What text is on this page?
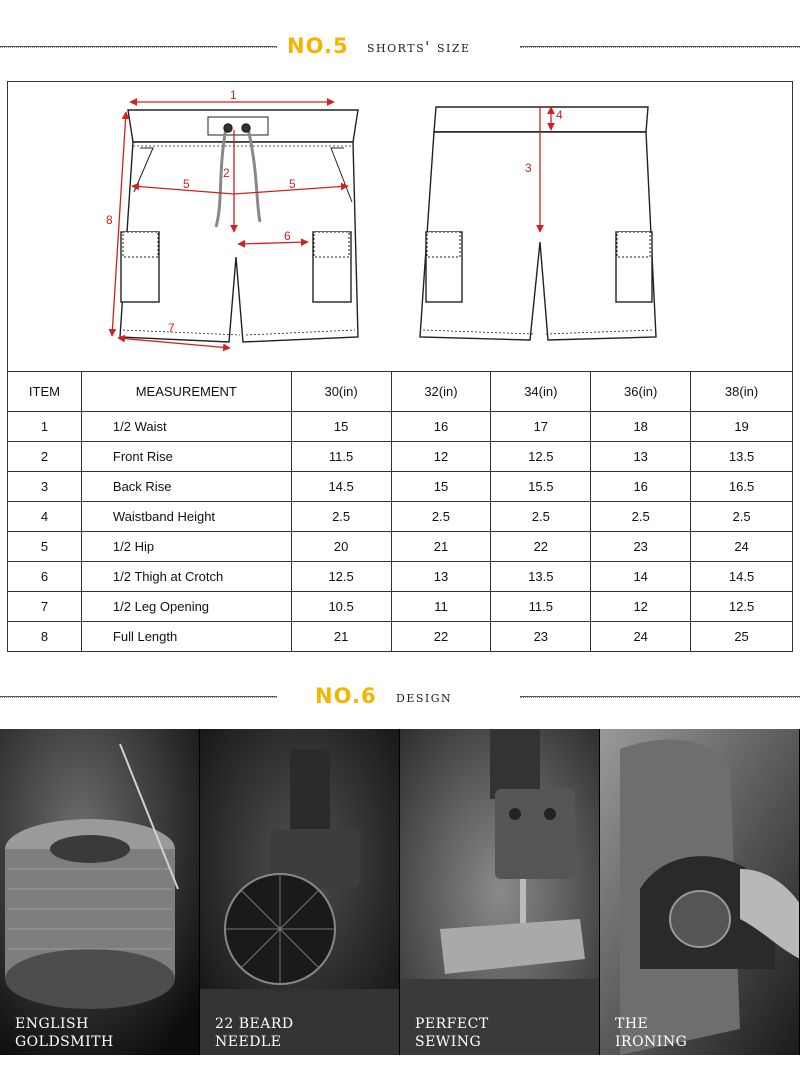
NO.5 shorts' size
1
2
5	5
6
7
8
3
4
ITEM	MEASUREMENT	30(in)	32(in)	34(in)	36(in)	38(in)
1	1/2 Waist	15	16	17	18	19
2	Front Rise	11.5	12	12.5	13	13.5
3	Back Rise	14.5	15	15.5	16	16.5
4	Waistband Height	2.5	2.5	2.5	2.5	2.5
5	1/2 Hip	20	21	22	23	24
6	1/2 Thigh at Crotch	12.5	13	13.5	14	14.5
7	1/2 Leg Opening	10.5	11	11.5	12	12.5
8	Full Length	21	22	23	24	25
NO.6 design
ENGLISH
GOLDSMITH
22 BEARD
NEEDLE
PERFECT
SEWING
THE
IRONING
